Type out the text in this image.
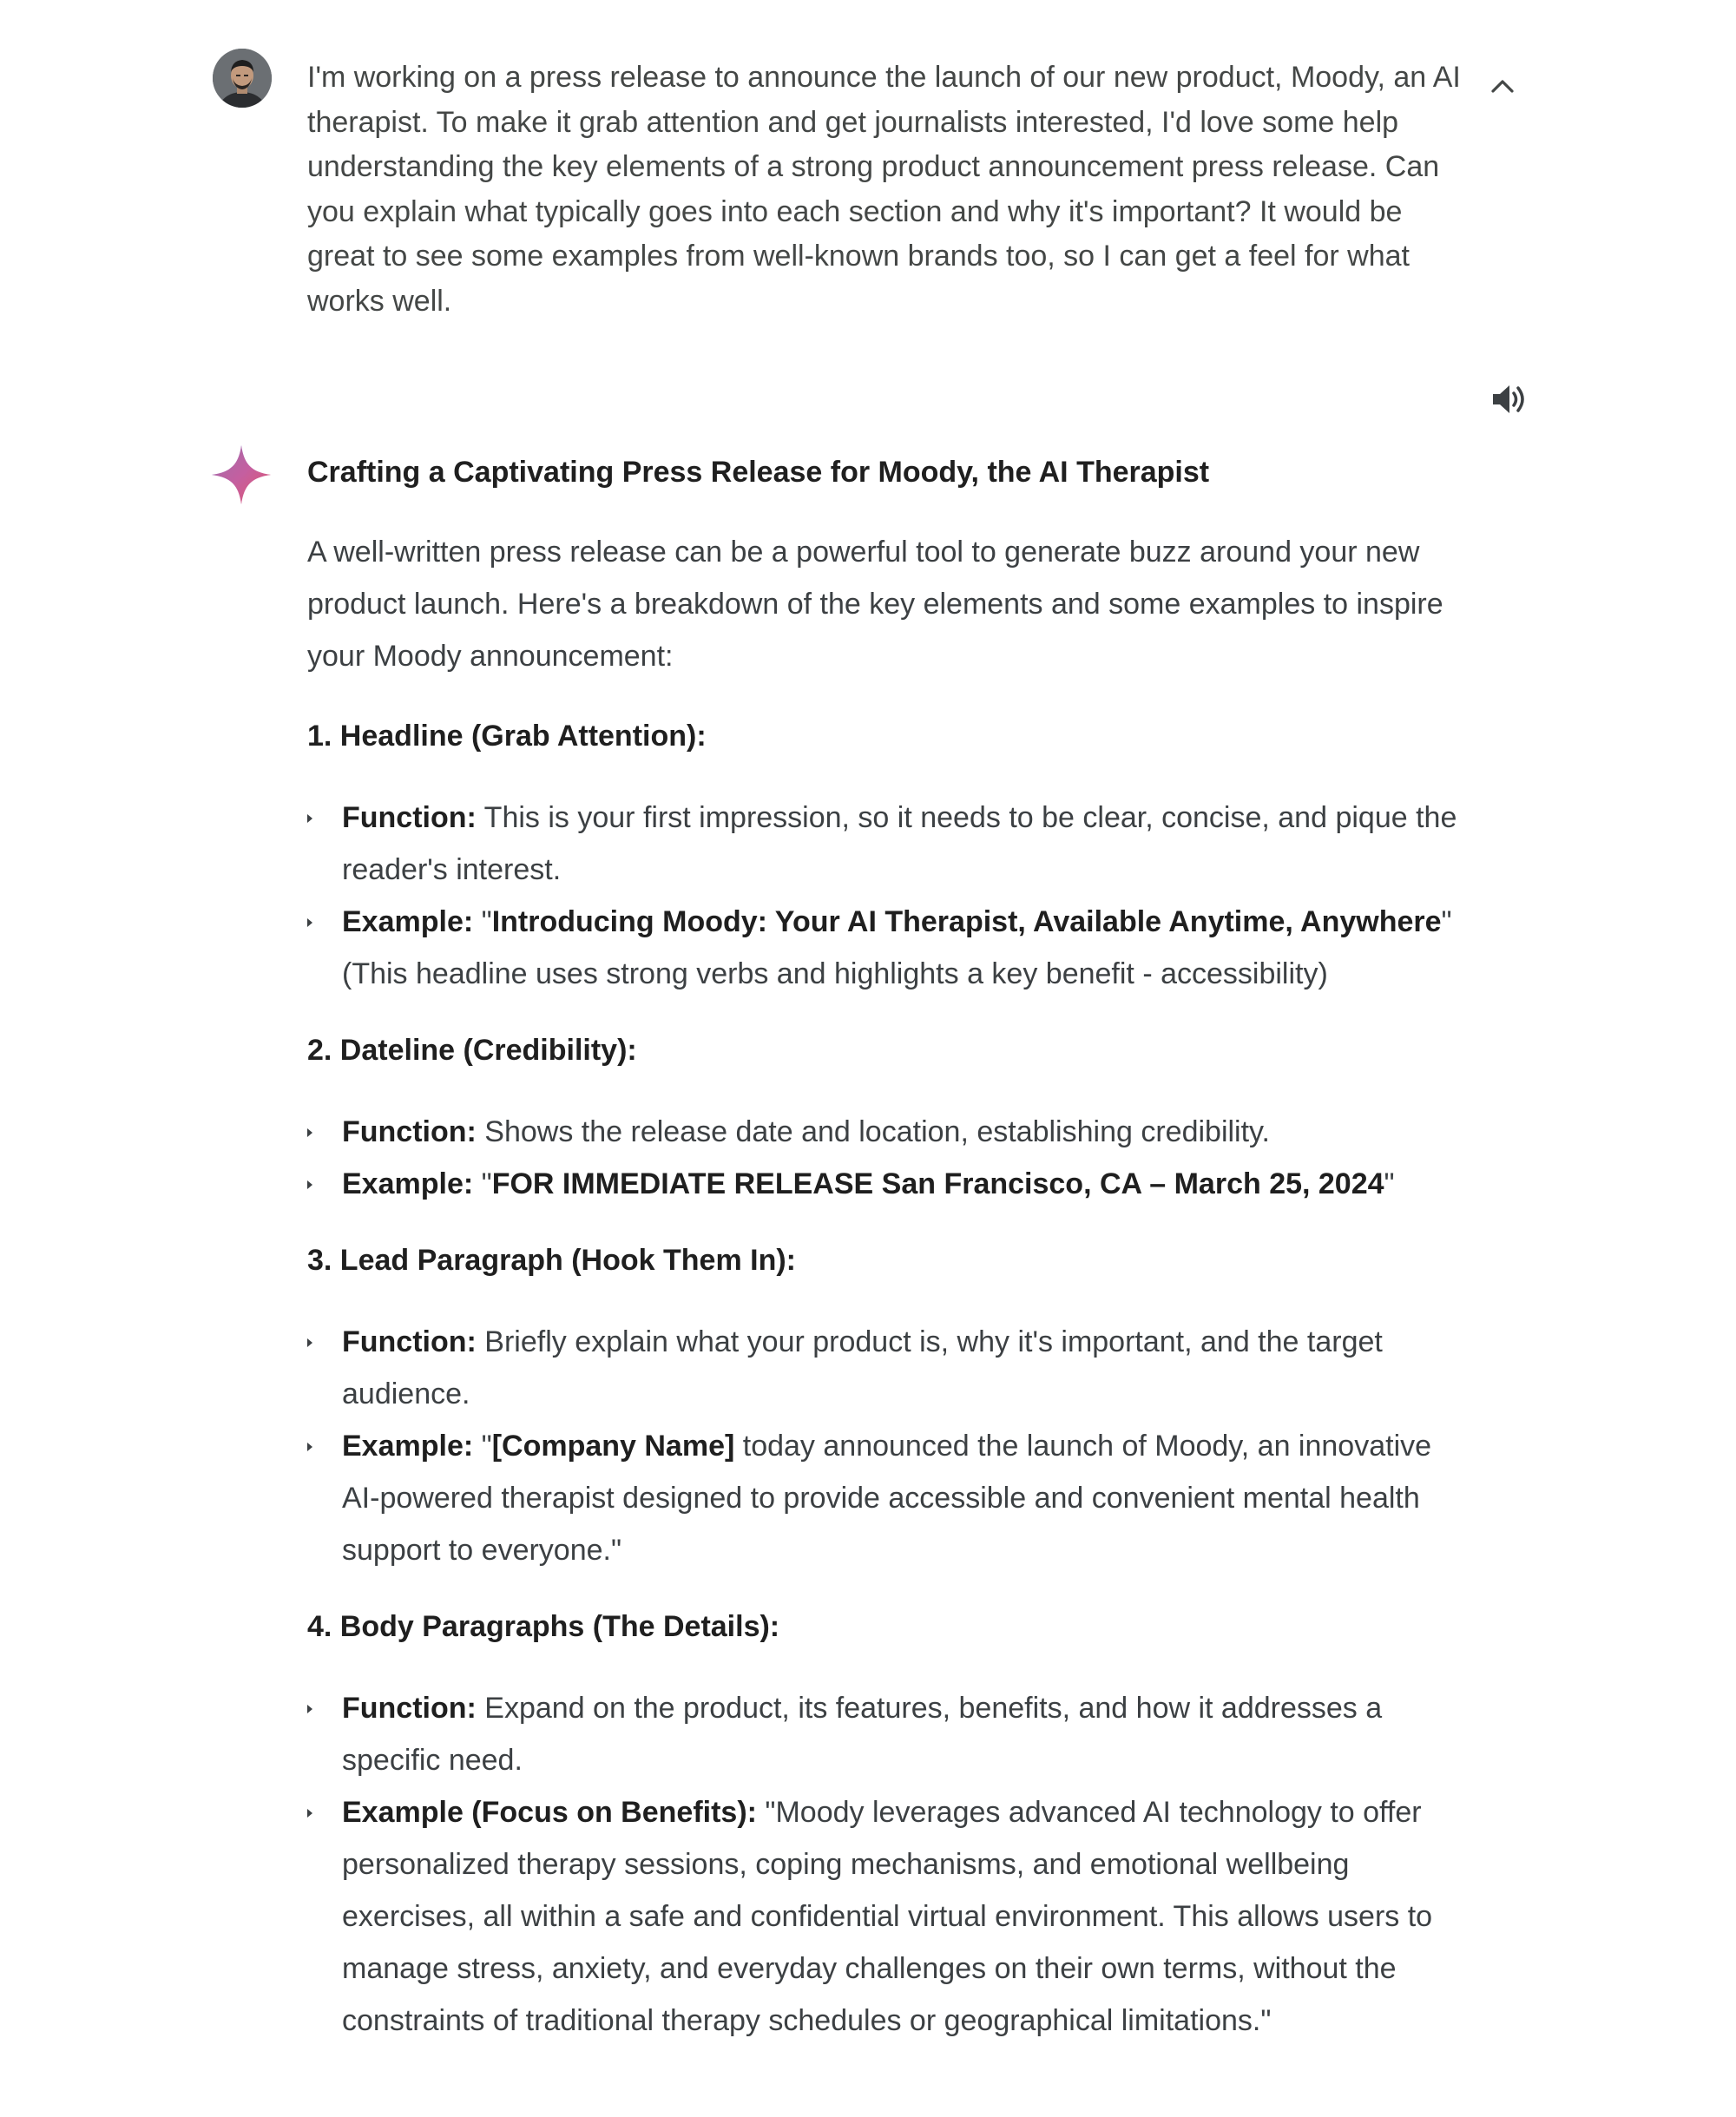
I'm working on a press release to announce the launch of our new product, Moody, an AI therapist. To make it grab attention and get journalists interested, I'd love some help understanding the key elements of a strong product announcement press release. Can you explain what typically goes into each section and why it's important? It would be great to see some examples from well-known brands too, so I can get a feel for what works well.

Crafting a Captivating Press Release for Moody, the AI Therapist

A well-written press release can be a powerful tool to generate buzz around your new product launch. Here's a breakdown of the key elements and some examples to inspire your Moody announcement:

1. Headline (Grab Attention):

Function: This is your first impression, so it needs to be clear, concise, and pique the reader's interest.
Example: "Introducing Moody: Your AI Therapist, Available Anytime, Anywhere" (This headline uses strong verbs and highlights a key benefit - accessibility)

2. Dateline (Credibility):

Function: Shows the release date and location, establishing credibility.
Example: "FOR IMMEDIATE RELEASE San Francisco, CA – March 25, 2024"

3. Lead Paragraph (Hook Them In):

Function: Briefly explain what your product is, why it's important, and the target audience.
Example: "[Company Name] today announced the launch of Moody, an innovative AI-powered therapist designed to provide accessible and convenient mental health support to everyone."

4. Body Paragraphs (The Details):

Function: Expand on the product, its features, benefits, and how it addresses a specific need.
Example (Focus on Benefits): "Moody leverages advanced AI technology to offer personalized therapy sessions, coping mechanisms, and emotional wellbeing exercises, all within a safe and confidential virtual environment. This allows users to manage stress, anxiety, and everyday challenges on their own terms, without the constraints of traditional therapy schedules or geographical limitations."
